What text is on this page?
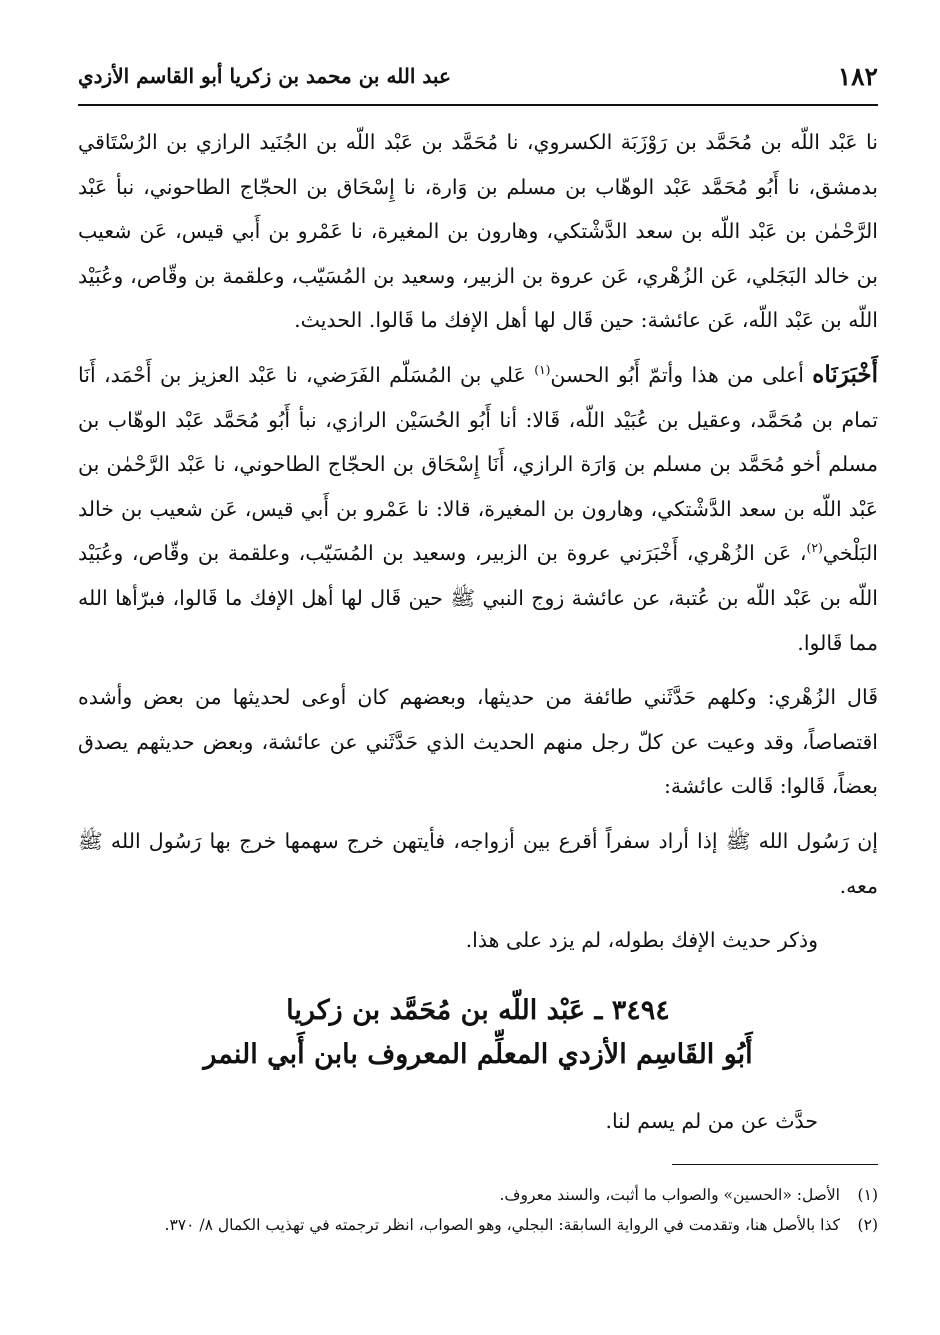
١٨٢
عبد الله بن محمد بن زكريا أبو القاسم الأزدي

نا عَبْد اللّه بن مُحَمَّد بن رَوْزَبَة الكسروي، نا مُحَمَّد بن عَبْد اللّه بن الجُنَيد الرازي بن الرُسْتَاقي بدمشق، نا أَبُو مُحَمَّد عَبْد الوهّاب بن مسلم بن وَارة، نا إِسْحَاق بن الحجّاج الطاحوني، نبأ عَبْد الرَّحْمٰن بن عَبْد اللّه بن سعد الدَّشْتكي، وهارون بن المغيرة، نا عَمْرو بن أَبي قيس، عَن شعيب بن خالد البَجَلي، عَن الزُهْري، عَن عروة بن الزبير، وسعيد بن المُسَيّب، وعلقمة بن وقّاص، وعُبَيْد اللّه بن عَبْد اللّه، عَن عائشة: حين قَال لها أهل الإفك ما قَالوا. الحديث.

أَخْبَرَنَاه أعلى من هذا وأتمّ أَبُو الحسن$^{(١)}$ عَلي بن المُسَلّم الفَرَضي، نا عَبْد العزيز بن أَحْمَد، أَنَا تمام بن مُحَمَّد، وعقيل بن عُبَيْد اللّه، قَالا: أنا أَبُو الحُسَيْن الرازي، نبأ أَبُو مُحَمَّد عَبْد الوهّاب بن مسلم أخو مُحَمَّد بن مسلم بن وَارَة الرازي، أَنَا إِسْحَاق بن الحجّاج الطاحوني، نا عَبْد الرَّحْمٰن بن عَبْد اللّه بن سعد الدَّشْتكي، وهارون بن المغيرة، قالا: نا عَمْرو بن أَبي قيس، عَن شعيب بن خالد البَلْخي$^{(٢)}$، عَن الزُهْري، أَخْبَرَني عروة بن الزبير، وسعيد بن المُسَيّب، وعلقمة بن وقّاص، وعُبَيْد اللّه بن عَبْد اللّه بن عُتبة، عن عائشة زوج النبي ﷺ حين قَال لها أهل الإفك ما قَالوا، فبرّأها الله مما قَالوا.

قَال الزُهْري: وكلهم حَدَّثَني طائفة من حديثها، وبعضهم كان أوعى لحديثها من بعض وأشده اقتصاصاً، وقد وعيت عن كلّ رجل منهم الحديث الذي حَدَّثَني عن عائشة، وبعض حديثهم يصدق بعضاً، قَالوا: قَالت عائشة:

إن رَسُول الله ﷺ إذا أراد سفراً أقرع بين أزواجه، فأيتهن خرج سهمها خرج بها رَسُول الله ﷺ معه.

وذكر حديث الإفك بطوله، لم يزد على هذا.

٣٤٩٤ ـ عَبْد اللّه بن مُحَمَّد بن زكريا
أَبُو القَاسِم الأزدي المعلِّم المعروف بابن أَبي النمر

حدَّث عن من لم يسم لنا.

(١)
الأصل: «الحسين» والصواب ما أثبت، والسند معروف.
(٢)
كذا بالأصل هنا، وتقدمت في الرواية السابقة: البجلي، وهو الصواب، انظر ترجمته في تهذيب الكمال ٨/ ٣٧٠.
